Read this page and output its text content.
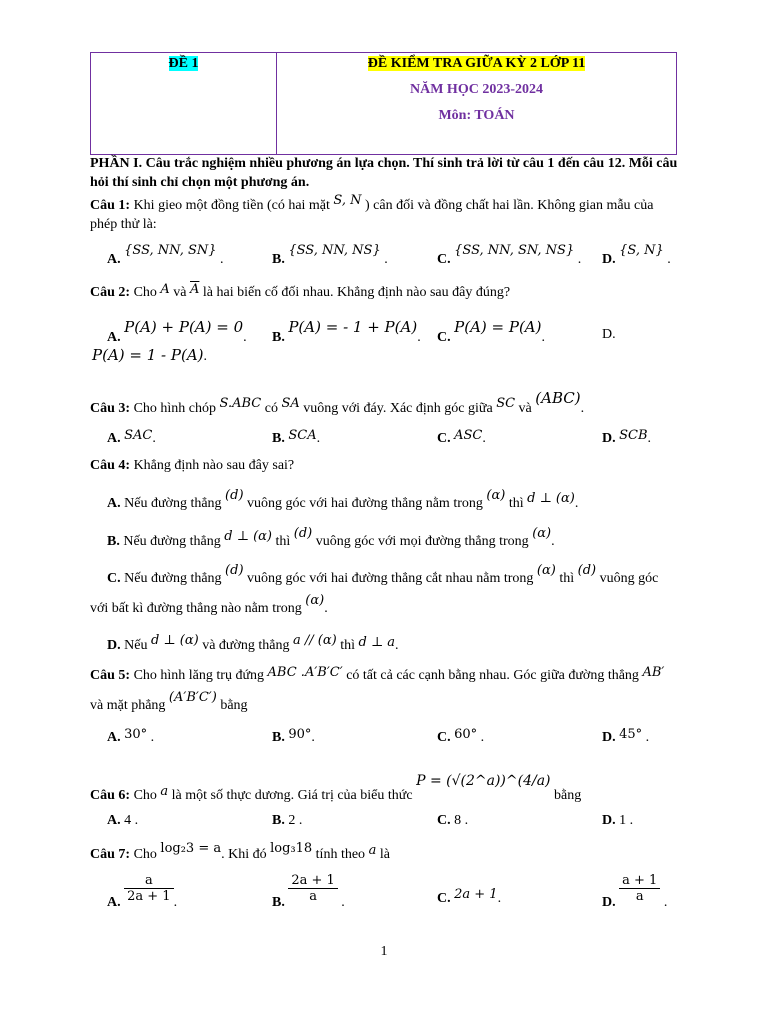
ĐỀ 1	ĐỀ KIỂM TRA GIỮA KỲ 2 LỚP 11
NĂM HỌC 2023-2024
Môn: TOÁN
PHẦN I. Câu trắc nghiệm nhiều phương án lựa chọn. Thí sinh trả lời từ câu 1 đến câu 12. Mỗi câu
hỏi thí sinh chỉ chọn một phương án.
Câu 1: Khi gieo một đồng tiền (có hai mặt S, N ) cân đối và đồng chất hai lần. Không gian mẫu của
phép thử là:
A. {SS, NN, SN} .	B. {SS, NN, NS} .	C. {SS, NN, SN, NS} . D. {S, N} .
Câu 2: Cho A và $\overline{A}$ là hai biến cố đối nhau. Khẳng định nào sau đây đúng?
A. P(A) + P(A) = 0. B. P(A) = - 1 + P(A). C. P(A) = P(A).	D.
P(A) = 1 - P(A).
Câu 3: Cho hình chóp S.ABC có SA vuông với đáy. Xác định góc giữa SC và (ABC).
A. SAC.	B. SCA.	C. ASC.	D. SCB.
Câu 4: Khẳng định nào sau đây sai?
A. Nếu đường thẳng (d) vuông góc với hai đường thẳng nằm trong (α) thì d ⊥ (α).
B. Nếu đường thẳng d ⊥ (α) thì (d) vuông góc với mọi đường thẳng trong (α).
C. Nếu đường thẳng (d) vuông góc với hai đường thẳng cắt nhau nằm trong (α) thì (d) vuông góc
với bất kì đường thẳng nào nằm trong (α).
D. Nếu d ⊥ (α) và đường thẳng a // (α) thì d ⊥ a.
Câu 5: Cho hình lăng trụ đứng ABC .A′B′C′ có tất cả các cạnh bằng nhau. Góc giữa đường thẳng AB′
và mặt phẳng (A′B′C′) bằng
A. 30° .	B. 90°.	C. 60° .	D. 45° .
Câu 6: Cho a là một số thực dương. Giá trị của biểu thức P = (√(2^a))^(4/a) bằng
A. 4 .	B. 2 .	C. 8 .	D. 1 .
Câu 7: Cho log₂3 = a. Khi đó log₃18 tính theo a là
A. $\frac{a}{2a + 1}$ .	B. $\frac{2a + 1}{a}$ .	C. 2a + 1.	D. $\frac{a + 1}{a}$ .
1
